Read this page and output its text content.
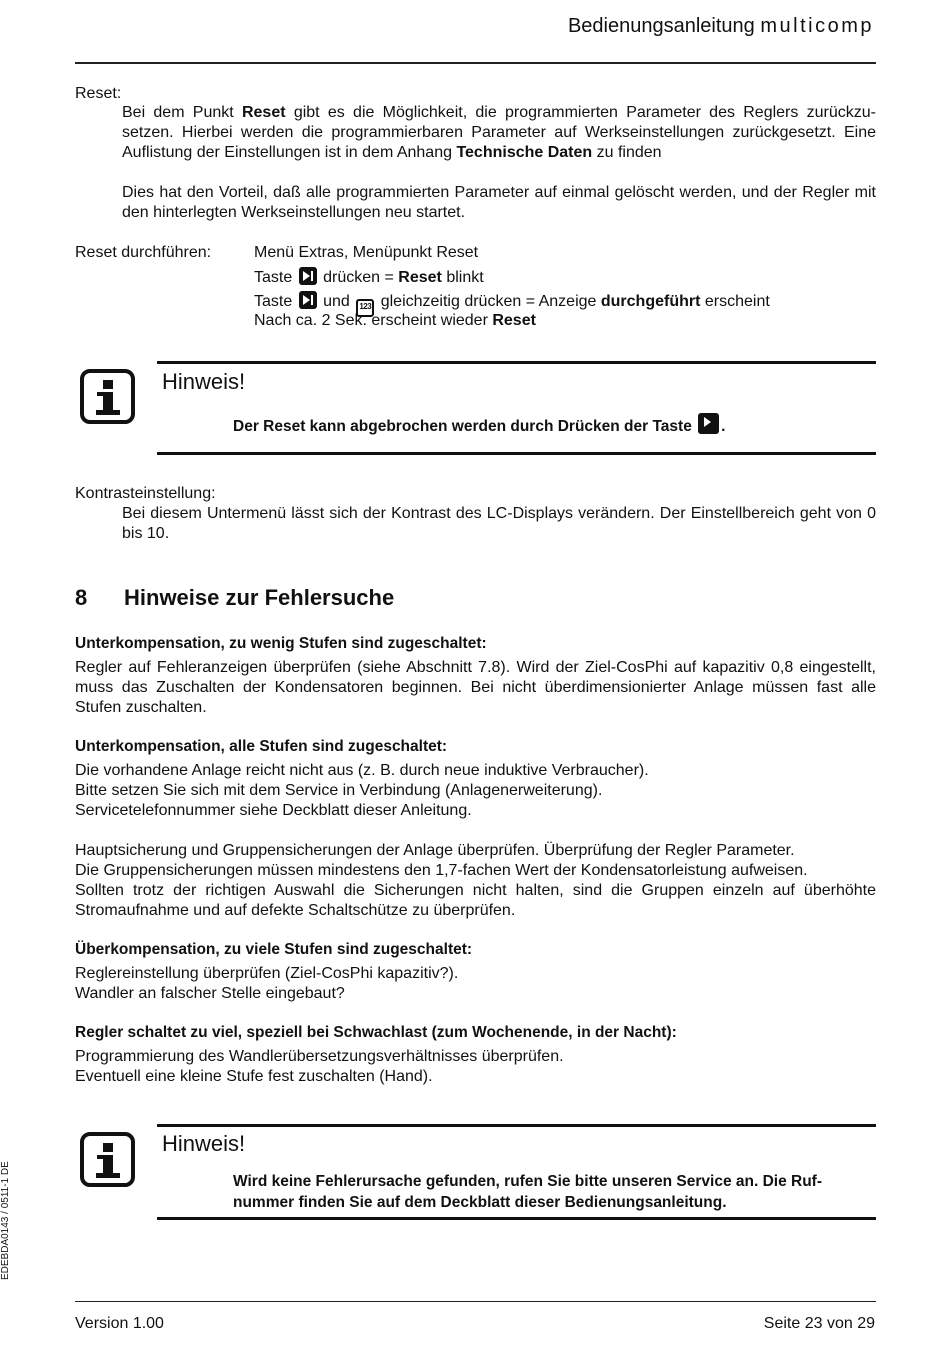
Bedienungsanleitung multicomp
Reset:

Bei dem Punkt Reset gibt es die Möglichkeit, die programmierten Parameter des Reglers zurückzu-setzen. Hierbei werden die programmierbaren Parameter auf Werkseinstellungen zurückgesetzt. Eine Auflistung der Einstellungen ist in dem Anhang Technische Daten zu finden

Dies hat den Vorteil, daß alle programmierten Parameter auf einmal gelöscht werden, und der Regler mit den hinterlegten Werkseinstellungen neu startet.
Reset durchführen:	Menü Extras, Menüpunkt Reset
Taste  drücken = Reset blinkt
Taste  und 123 gleichzeitig drücken = Anzeige durchgeführt erscheint
Nach ca. 2 Sek. erscheint wieder Reset
Hinweis!
Der Reset kann abgebrochen werden durch Drücken der Taste .
Kontrasteinstellung:
Bei diesem Untermenü lässt sich der Kontrast des LC-Displays verändern. Der Einstellbereich geht von 0 bis 10.
8 Hinweise zur Fehlersuche
Unterkompensation, zu wenig Stufen sind zugeschaltet:
Regler auf Fehleranzeigen überprüfen (siehe Abschnitt 7.8). Wird der Ziel-CosPhi auf kapazitiv 0,8 eingestellt, muss das Zuschalten der Kondensatoren beginnen. Bei nicht überdimensionierter Anlage müssen fast alle Stufen zuschalten.
Unterkompensation, alle Stufen sind zugeschaltet:
Die vorhandene Anlage reicht nicht aus (z. B. durch neue induktive Verbraucher).
Bitte setzen Sie sich mit dem Service in Verbindung (Anlagenerweiterung).
Servicetelefonnummer siehe Deckblatt dieser Anleitung.
Hauptsicherung und Gruppensicherungen der Anlage überprüfen. Überprüfung der Regler Parameter.
Die Gruppensicherungen müssen mindestens den 1,7-fachen Wert der Kondensatorleistung aufweisen.
Sollten trotz der richtigen Auswahl die Sicherungen nicht halten, sind die Gruppen einzeln auf überhöhte Stromaufnahme und auf defekte Schaltschütze zu überprüfen.
Überkompensation, zu viele Stufen sind zugeschaltet:
Reglereinstellung überprüfen (Ziel-CosPhi kapazitiv?).
Wandler an falscher Stelle eingebaut?
Regler schaltet zu viel, speziell bei Schwachlast (zum Wochenende, in der Nacht):
Programmierung des Wandlerübersetzungsverhältnisses überprüfen.
Eventuell eine kleine Stufe fest zuschalten (Hand).
Hinweis!
Wird keine Fehlerursache gefunden, rufen Sie bitte unseren Service an. Die Ruf-nummer finden Sie auf dem Deckblatt dieser Bedienungsanleitung.
EDEBDA0143 / 0511-1 DE
Version 1.00	Seite 23 von 29
